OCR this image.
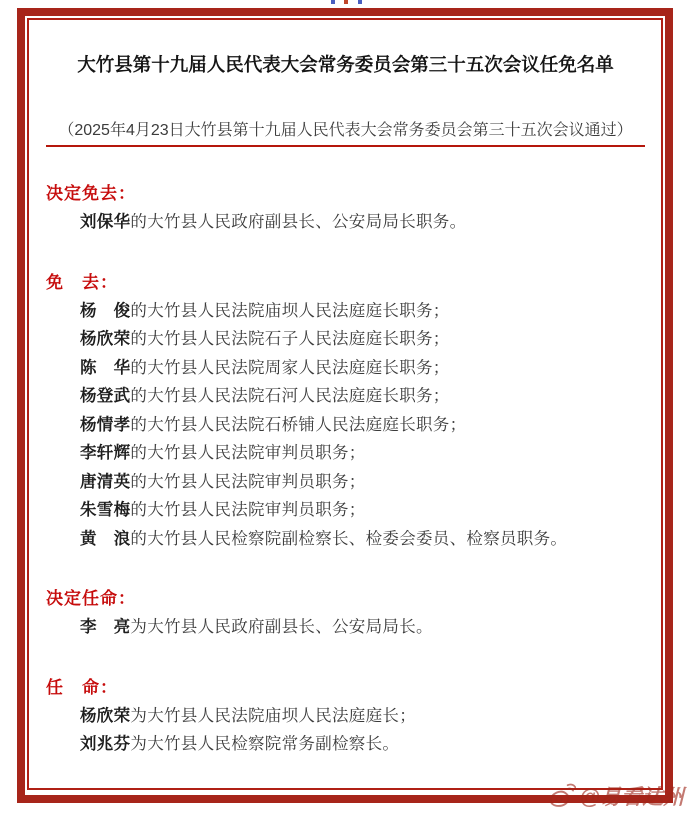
大竹县第十九届人民代表大会常务委员会第三十五次会议任免名单

（2025年4月23日大竹县第十九届人民代表大会常务委员会第三十五次会议通过）

决定免去：

刘保华的大竹县人民政府副县长、公安局局长职务。

免　去：

杨　俊的大竹县人民法院庙坝人民法庭庭长职务；

杨欣荣的大竹县人民法院石子人民法庭庭长职务；

陈　华的大竹县人民法院周家人民法庭庭长职务；

杨登武的大竹县人民法院石河人民法庭庭长职务；

杨情孝的大竹县人民法院石桥铺人民法庭庭长职务；

李轩辉的大竹县人民法院审判员职务；

唐清英的大竹县人民法院审判员职务；

朱雪梅的大竹县人民法院审判员职务；

黄　浪的大竹县人民检察院副检察长、检委会委员、检察员职务。

决定任命：

李　亮为大竹县人民政府副县长、公安局局长。

任　命：

杨欣荣为大竹县人民法院庙坝人民法庭庭长；

刘兆芬为大竹县人民检察院常务副检察长。

@易看达州
